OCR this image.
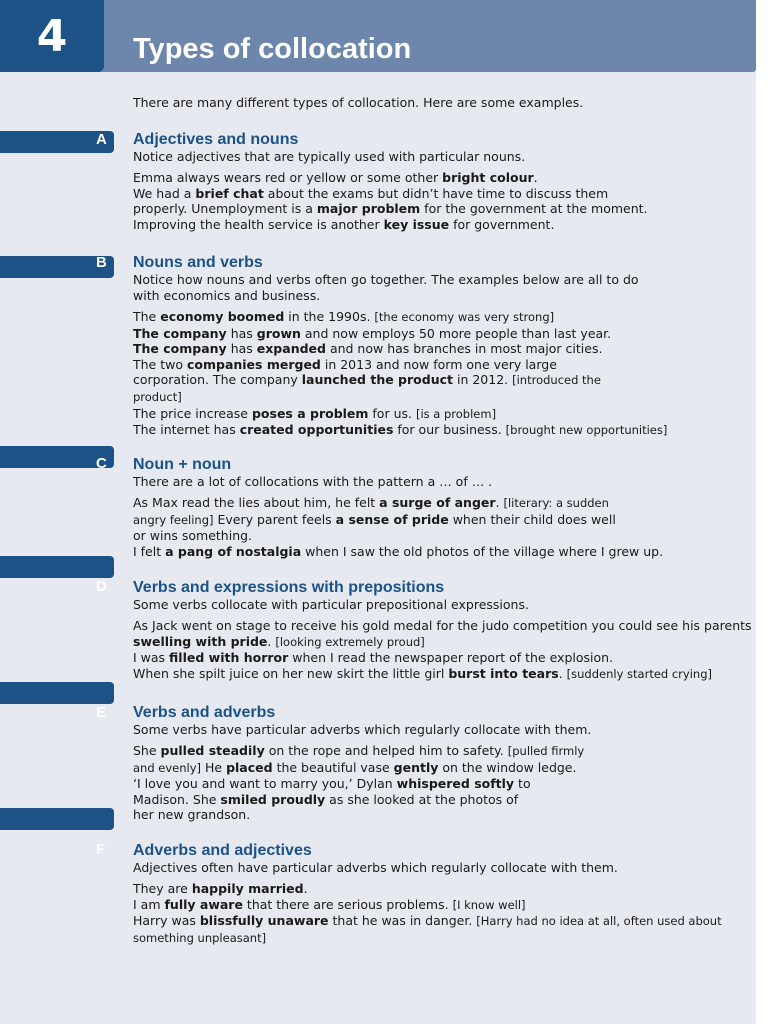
4	Types of collocation
There are many different types of collocation. Here are some examples.
A
B
C
D
E
F
Adjectives and nouns
Notice adjectives that are typically used with particular nouns.
Emma always wears red or yellow or some other bright colour.
We had a brief chat about the exams but didn’t have time to discuss them
properly. Unemployment is a major problem for the government at the moment.
Improving the health service is another key issue for government.
Nouns and verbs
Notice how nouns and verbs often go together. The examples below are all to do with economics and business.
The economy boomed in the 1990s. [the economy was very strong]
The company has grown and now employs 50 more people than last year.
The company has expanded and now has branches in most major cities.
The two companies merged in 2013 and now form one very large
corporation. The company launched the product in 2012. [introduced the
product]
The price increase poses a problem for us. [is a problem]
The internet has created opportunities for our business. [brought new opportunities]
Noun + noun
There are a lot of collocations with the pattern a … of … .
As Max read the lies about him, he felt a surge of anger. [literary: a sudden
angry feeling] Every parent feels a sense of pride when their child does well
or wins something.
I felt a pang of nostalgia when I saw the old photos of the village where I grew up.
Verbs and expressions with prepositions
Some verbs collocate with particular prepositional expressions.
As Jack went on stage to receive his gold medal for the judo competition you could see his parents
swelling with pride. [looking extremely proud]
I was filled with horror when I read the newspaper report of the explosion.
When she spilt juice on her new skirt the little girl burst into tears. [suddenly started crying]
Verbs and adverbs
Some verbs have particular adverbs which regularly collocate with them.
She pulled steadily on the rope and helped him to safety. [pulled firmly
and evenly] He placed the beautiful vase gently on the window ledge.
‘I love you and want to marry you,’ Dylan whispered softly to
Madison. She smiled proudly as she looked at the photos of
her new grandson.
Adverbs and adjectives
Adjectives often have particular adverbs which regularly collocate with them.
They are happily married.
I am fully aware that there are serious problems. [I know well]
Harry was blissfully unaware that he was in danger. [Harry had no idea at all, often used about
something unpleasant]
